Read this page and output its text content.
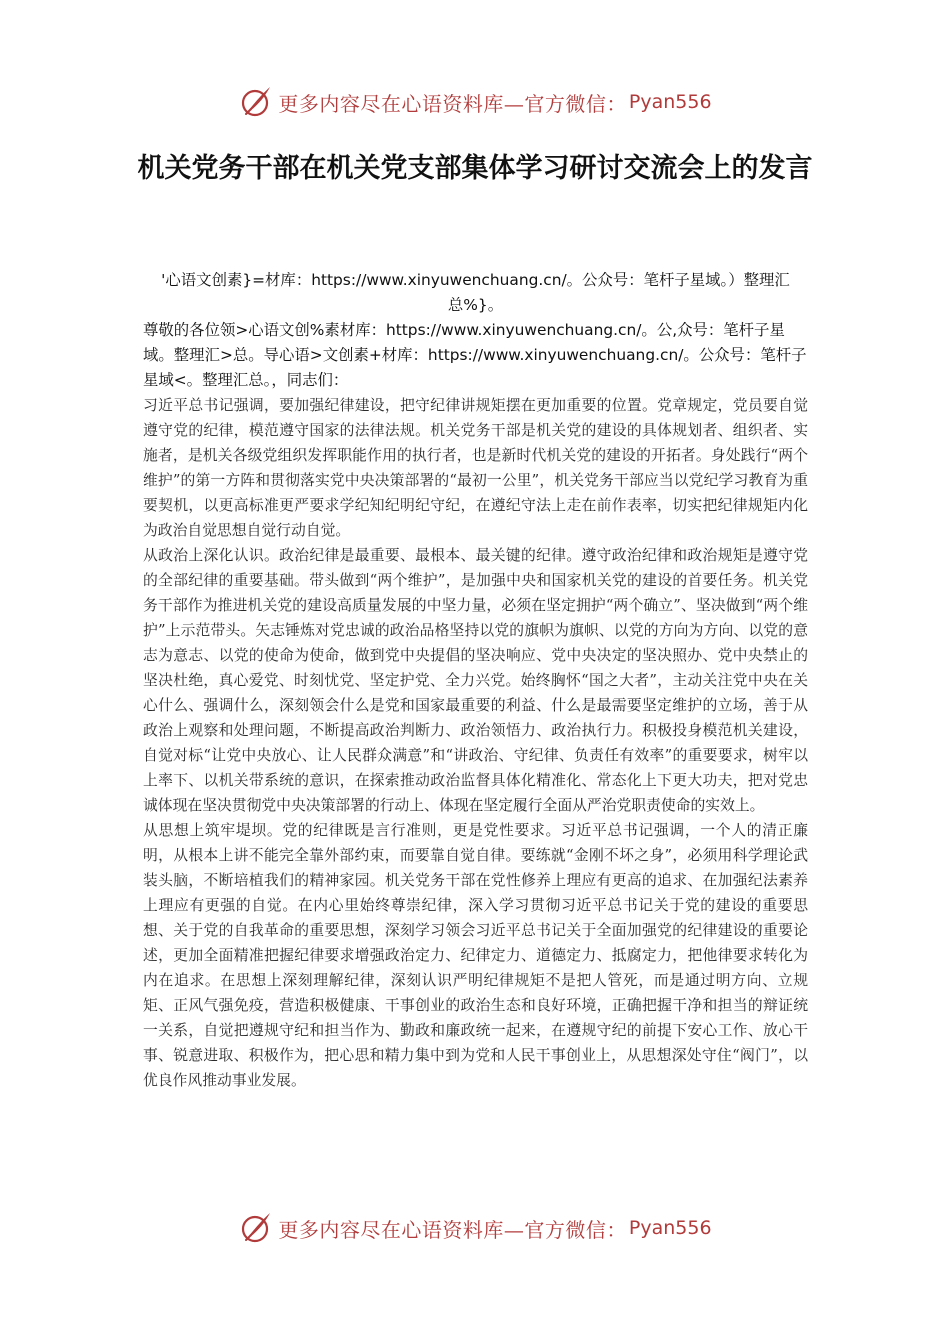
更多内容尽在心语资料库—官方微信： Pyan556
机关党务干部在机关党支部集体学习研讨交流会上的发言

'心语文创素}=材库：https://www.xinyuwenchuang.cn/。公众号：笔杆子星域。）整理汇总%}。

尊敬的各位领>心语文创%素材库：https://www.xinyuwenchuang.cn/。公,众号：笔杆子星域。整理汇>总。导心语>文创素+材库：https://www.xinyuwenchuang.cn/。公众号：笔杆子星域<。整理汇总。，同志们：

习近平总书记强调，要加强纪律建设，把守纪律讲规矩摆在更加重要的位置。党章规定，党员要自觉遵守党的纪律，模范遵守国家的法律法规。机关党务干部是机关党的建设的具体规划者、组织者、实施者，是机关各级党组织发挥职能作用的执行者，也是新时代机关党的建设的开拓者。身处践行“两个维护”的第一方阵和贯彻落实党中央决策部署的“最初一公里”，机关党务干部应当以党纪学习教育为重要契机，以更高标准更严要求学纪知纪明纪守纪，在遵纪守法上走在前作表率，切实把纪律规矩内化为政治自觉思想自觉行动自觉。

从政治上深化认识。政治纪律是最重要、最根本、最关键的纪律。遵守政治纪律和政治规矩是遵守党的全部纪律的重要基础。带头做到“两个维护”，是加强中央和国家机关党的建设的首要任务。机关党务干部作为推进机关党的建设高质量发展的中坚力量，必须在坚定拥护“两个确立”、坚决做到“两个维护”上示范带头。矢志锤炼对党忠诚的政治品格坚持以党的旗帜为旗帜、以党的方向为方向、以党的意志为意志、以党的使命为使命，做到党中央提倡的坚决响应、党中央决定的坚决照办、党中央禁止的坚决杜绝，真心爱党、时刻忧党、坚定护党、全力兴党。始终胸怀“国之大者”，主动关注党中央在关心什么、强调什么，深刻领会什么是党和国家最重要的利益、什么是最需要坚定维护的立场，善于从政治上观察和处理问题，不断提高政治判断力、政治领悟力、政治执行力。积极投身模范机关建设，自觉对标“让党中央放心、让人民群众满意”和“讲政治、守纪律、负责任有效率”的重要要求，树牢以上率下、以机关带系统的意识，在探索推动政治监督具体化精准化、常态化上下更大功夫，把对党忠诚体现在坚决贯彻党中央决策部署的行动上、体现在坚定履行全面从严治党职责使命的实效上。

从思想上筑牢堤坝。党的纪律既是言行准则，更是党性要求。习近平总书记强调，一个人的清正廉明，从根本上讲不能完全靠外部约束，而要靠自觉自律。要练就“金刚不坏之身”，必须用科学理论武装头脑，不断培植我们的精神家园。机关党务干部在党性修养上理应有更高的追求、在加强纪法素养上理应有更强的自觉。在内心里始终尊崇纪律，深入学习贯彻习近平总书记关于党的建设的重要思想、关于党的自我革命的重要思想，深刻学习领会习近平总书记关于全面加强党的纪律建设的重要论述，更加全面精准把握纪律要求增强政治定力、纪律定力、道德定力、抵腐定力，把他律要求转化为内在追求。在思想上深刻理解纪律，深刻认识严明纪律规矩不是把人管死，而是通过明方向、立规矩、正风气强免疫，营造积极健康、干事创业的政治生态和良好环境，正确把握干净和担当的辩证统一关系，自觉把遵规守纪和担当作为、勤政和廉政统一起来，在遵规守纪的前提下安心工作、放心干事、锐意进取、积极作为，把心思和精力集中到为党和人民干事创业上，从思想深处守住“阀门”，以优良作风推动事业发展。

更多内容尽在心语资料库—官方微信： Pyan556
